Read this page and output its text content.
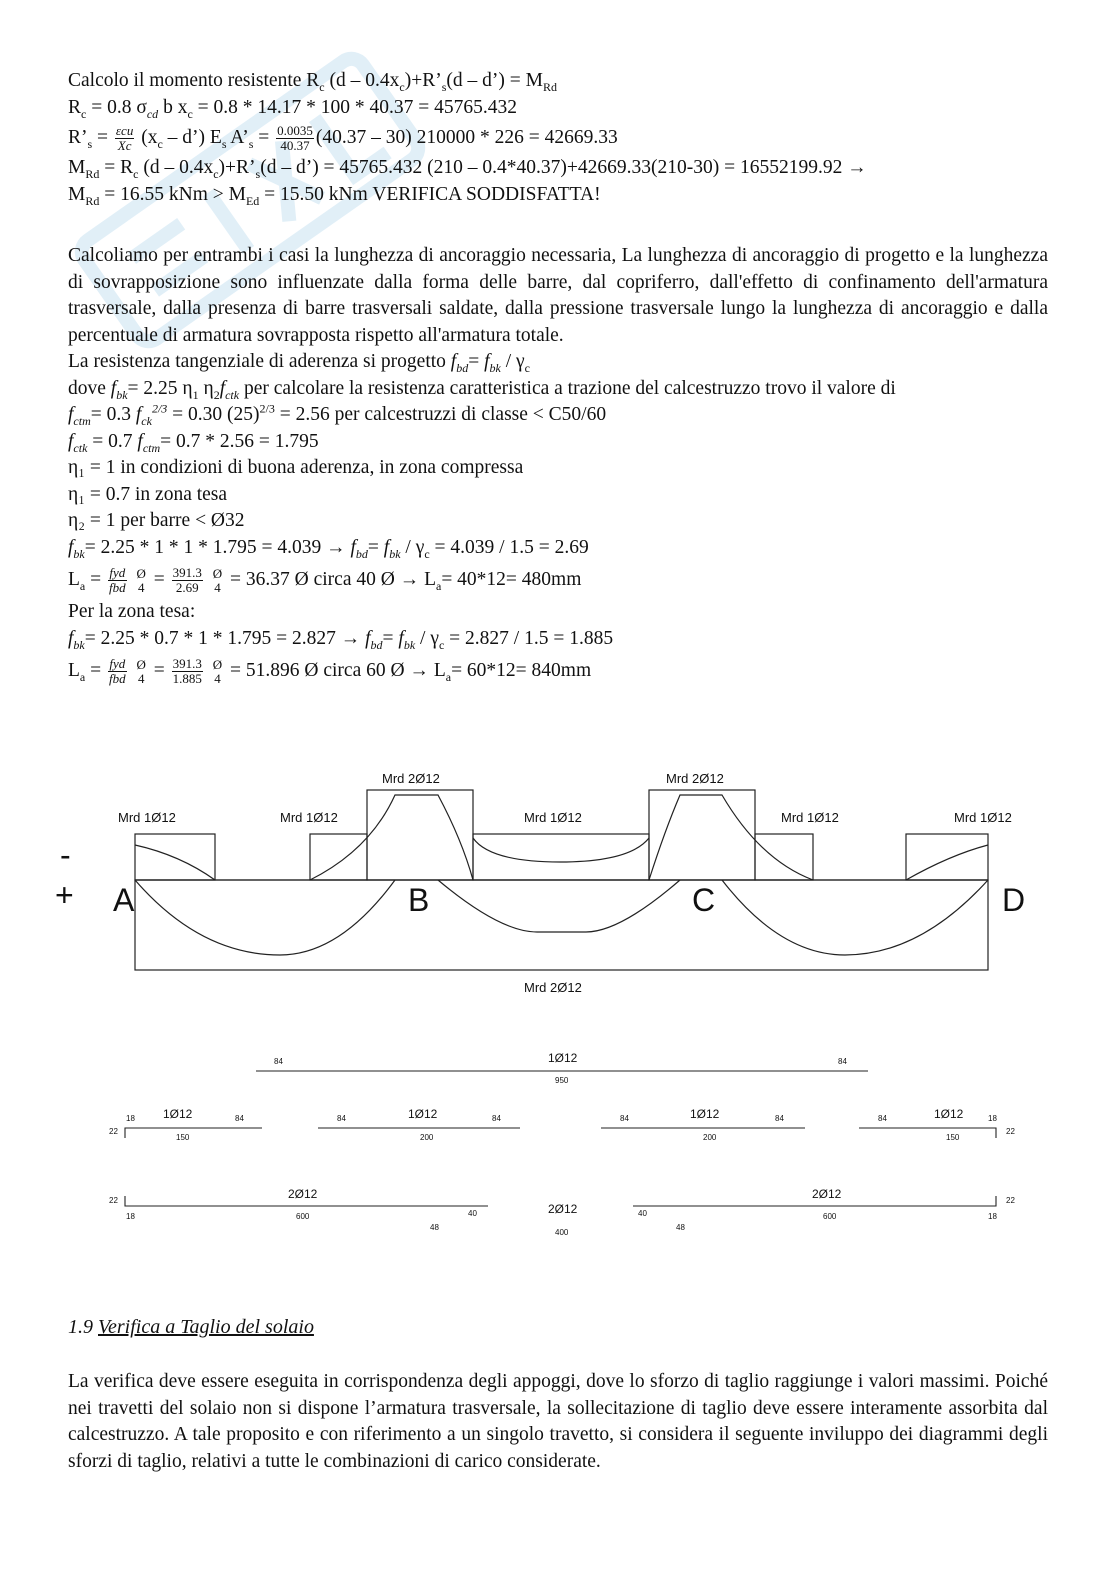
Calcolo il momento resistente $R_c$ $(d - 0.4x_c)+R’_s(d$ – d’) = $M_{Rd}$
$R_c = 0.8$ $\sigma_{cd}$ b $x_c = 0.8 * 14.17 * 100 * 40.37 = 45765.432$
$R’_s = \frac{\text{εcu}}{Xc} (x_c$ – d’) $E_s$ $A’_s = \frac{0.0035}{40.37} (40.37 - 30)$ 210000 * 226 = 42669.33
$M_{Rd} = R_c$ $(d - 0.4x_c)+R’_s(d$ – d’) = 45765.432 (210 – 0.4*40.37)+42669.33(210-30) = 16552199.92 →
$M_{Rd} = 16.55$ kNm > $M_{Ed} = 15.50$ kNm VERIFICA SODDISFATTA!

Calcoliamo per entrambi i casi la lunghezza di ancoraggio necessaria, La lunghezza di ancoraggio di progetto e la lunghezza di sovrapposizione sono influenzate dalla forma delle barre, dal copriferro, dall'effetto di confinamento dell'armatura trasversale, dalla presenza di barre trasversali saldate, dalla pressione trasversale lungo la lunghezza di ancoraggio e dalla percentuale di armatura sovrapposta rispetto all'armatura totale.

La resistenza tangenziale di aderenza si progetto $f_{bd}= f_{bk} / \gamma_c$
dove $f_{bk}= 2.25$ $\eta_1$ $\eta_2f_{ctk}$ per calcolare la resistenza caratteristica a trazione del calcestruzzo trovo il valore di
$f_{ctm}= 0.3$ $f_{ck}^{2/3} = 0.30$ $(25)^{2/3} = 2.56$ per calcestruzzi di classe < C50/60
$f_{ctk} = 0.7$ $f_{ctm}= 0.7 * 2.56 = 1.795$
η₁ = 1 in condizioni di buona aderenza, in zona compressa
η₁ = 0.7 in zona tesa
η₂ = 1 per barre < Ø32
$f_{bk}= 2.25 * 1 * 1 * 1.795 = 4.039 \to f_{bd}= f_{bk} / \gamma_c = 4.039 / 1.5 = 2.69$
$L_a = \frac{\text{fyd}}{\text{fbd}}$
Ø
$4 = \frac{391.3}{2.69}$
Ø
4 = 36.37 Ø circa 40 Ø → $L_a= 40*12= 480mm$
Per la zona tesa:
$f_{bk}= 2.25 * 0.7 * 1 * 1.795 = 2.827 \to f_{bd}= f_{bk} / \gamma_c = 2.827 / 1.5 = 1.885$
$L_a = \frac{\text{fyd}}{\text{fbd}}$
Ø
$4 = \frac{391.3}{1.885}$
Ø
4 = 51.896 Ø circa 60 Ø → $L_a= 60*12= 840mm$
Mrd 1Ø12	Mrd 1Ø12
Mrd 2Ø12
Mrd 1Ø12
Mrd 2Ø12
Mrd 1Ø12	Mrd 1Ø12
Mrd 2Ø12
-
+ A	B	C	D
84	84
950
18	84
22
150
84	84
200
84	84
200
84	18
22
150
22
18	600	40
48
400
40
48
600	18
22
1Ø12	1Ø12	1Ø12	1Ø12
1Ø12
2Ø12
2Ø12
2Ø12
1.9 Verifica a Taglio del solaio

La verifica deve essere eseguita in corrispondenza degli appoggi, dove lo sforzo di taglio raggiunge i valori massimi. Poiché nei travetti del solaio non si dispone l’armatura trasversale, la sollecitazione di taglio deve essere interamente assorbita dal calcestruzzo. A tale proposito e con riferimento a un singolo travetto, si considera il seguente inviluppo dei diagrammi degli sforzi di taglio, relativi a tutte le combinazioni di carico considerate.
